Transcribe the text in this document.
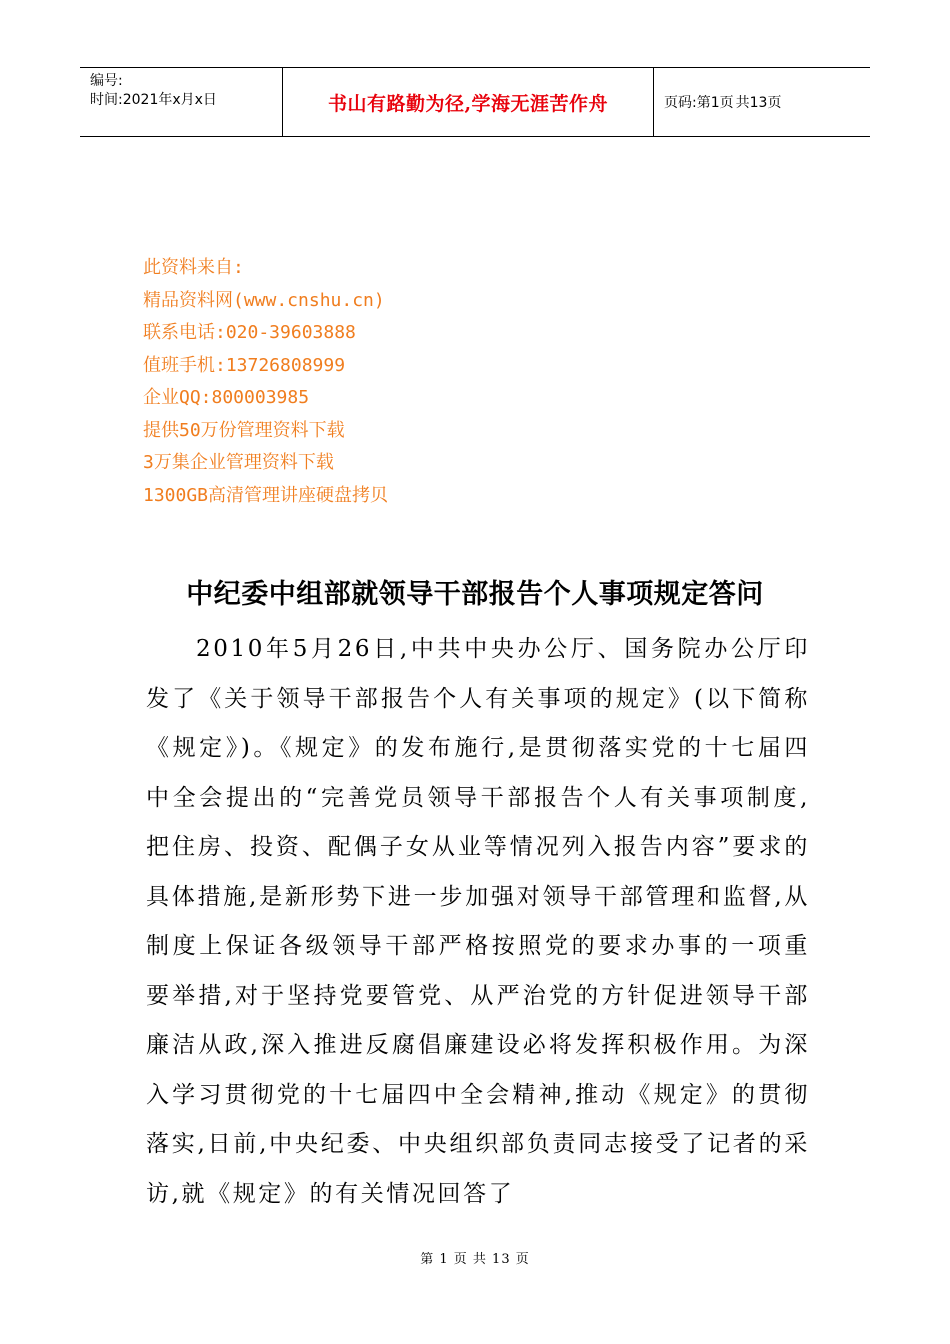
编号:
时间:2021年x月x日	书山有路勤为径,学海无涯苦作舟	页码:第1页 共13页
此资料来自:
精品资料网(www.cnshu.cn)
联系电话:020-39603888
值班手机:13726808999
企业QQ:800003985
提供50万份管理资料下载
3万集企业管理资料下载
1300GB高清管理讲座硬盘拷贝
中纪委中组部就领导干部报告个人事项规定答问

2010年5月26日,中共中央办公厅、国务院办公厅印发了《关于领导干部报告个人有关事项的规定》(以下简称《规定》)。《规定》的发布施行,是贯彻落实党的十七届四中全会提出的“完善党员领导干部报告个人有关事项制度,把住房、投资、配偶子女从业等情况列入报告内容”要求的具体措施,是新形势下进一步加强对领导干部管理和监督,从制度上保证各级领导干部严格按照党的要求办事的一项重要举措,对于坚持党要管党、从严治党的方针促进领导干部廉洁从政,深入推进反腐倡廉建设必将发挥积极作用。为深入学习贯彻党的十七届四中全会精神,推动《规定》的贯彻落实,日前,中央纪委、中央组织部负责同志接受了记者的采访,就《规定》的有关情况回答了

第 1 页 共 13 页
